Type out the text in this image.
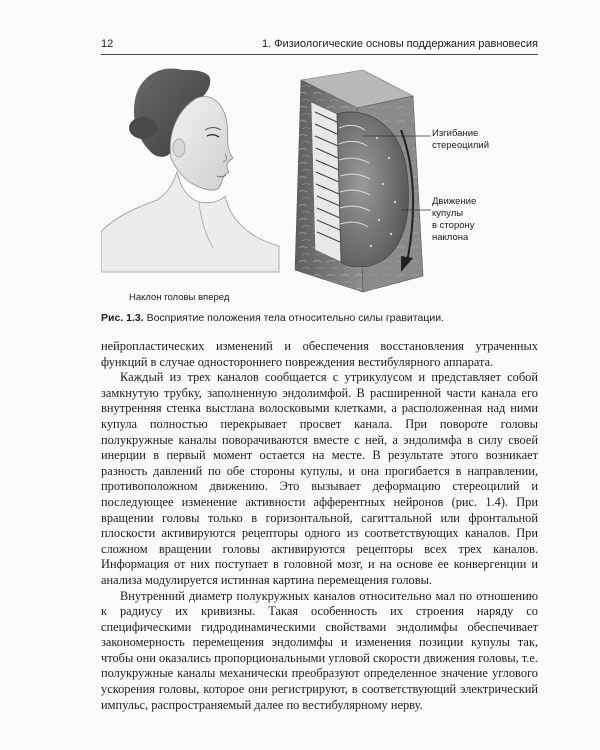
12	1. Физиологические основы поддержания равновесия
Изгибание
стереоцилий
Движение
купулы
в сторону
наклона
Наклон головы вперед
Рис. 1.3. Восприятие положения тела относительно силы гравитации.

нейропластических изменений и обеспечения восстановления утраченных функций в случае одностороннего повреждения вестибулярного аппарата.

Каждый из трех каналов сообщается с утрикулусом и представляет собой замкнутую трубку, заполненную эндолимфой. В расширенной части канала его внутренняя стенка выстлана волосковыми клетками, а расположенная над ними купула полностью перекрывает просвет канала. При повороте головы полукружные каналы поворачиваются вместе с ней, а эндолимфа в силу своей инерции в первый момент остается на месте. В результате этого возникает разность давлений по обе стороны купулы, и она прогибается в направлении, противоположном движению. Это вызывает деформацию стереоцилий и последующее изменение активности афферентных нейронов (рис. 1.4). При вращении головы только в горизонтальной, сагиттальной или фронтальной плоскости активируются рецепторы одного из соответствующих каналов. При сложном вращении головы активируются рецепторы всех трех каналов. Информация от них поступает в головной мозг, и на основе ее конвергенции и анализа модулируется истинная картина перемещения головы.

Внутренний диаметр полукружных каналов относительно мал по отношению к радиусу их кривизны. Такая особенность их строения наряду со специфическими гидродинамическими свойствами эндолимфы обеспечивает закономерность перемещения эндолимфы и изменения позиции купулы так, чтобы они оказались пропорциональными угловой скорости движения головы, т.е. полукружные каналы механически преобразуют определенное значение углового ускорения головы, которое они регистрируют, в соответствующий электрический импульс, распространяемый далее по вестибулярному нерву.
